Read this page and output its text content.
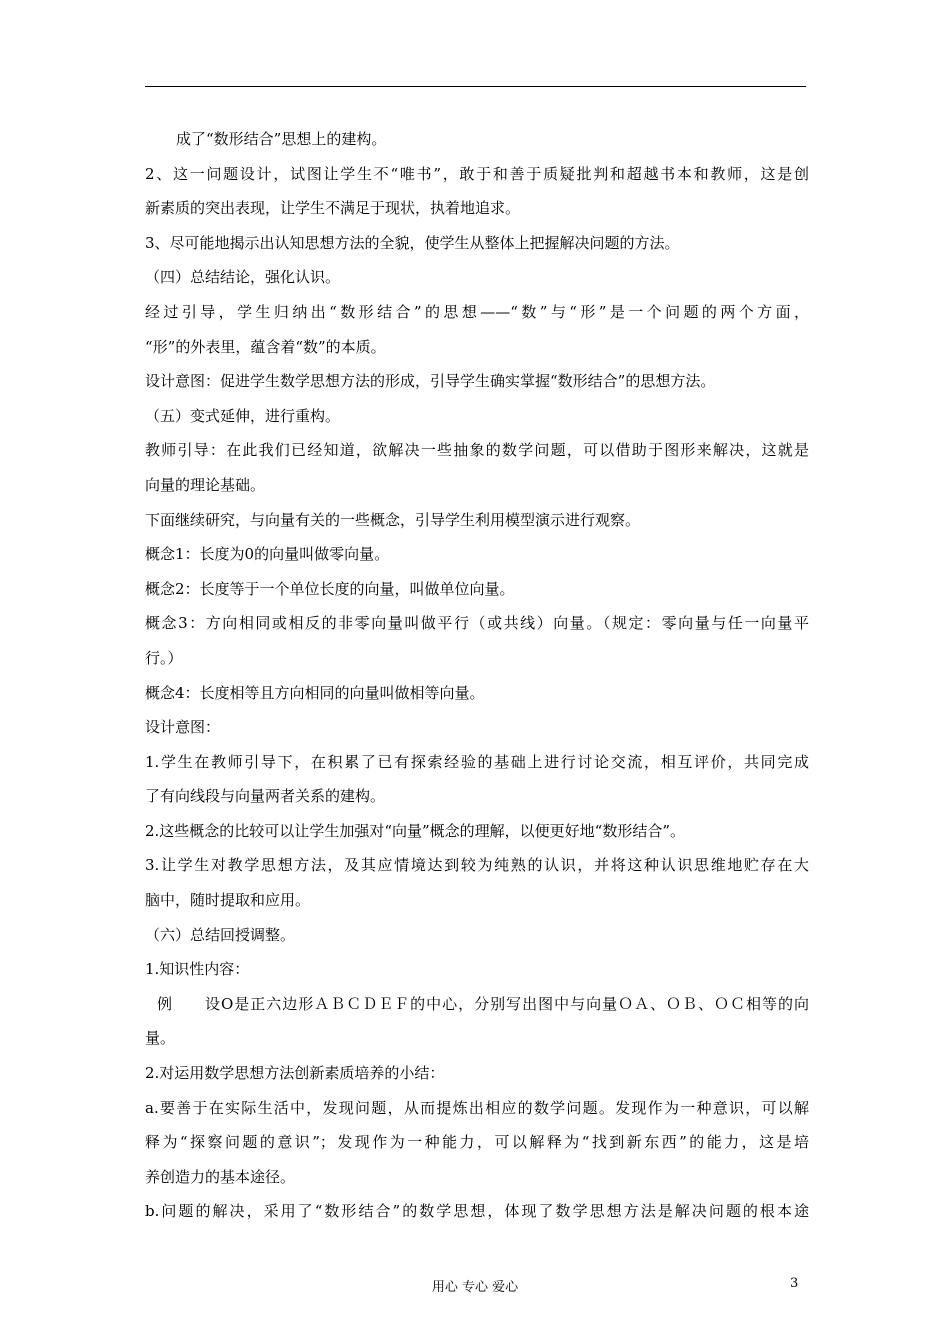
成了“数形结合”思想上的建构。
2、这一问题设计，试图让学生不“唯书”，敢于和善于质疑批判和超越书本和教师，这是创
新素质的突出表现，让学生不满足于现状，执着地追求。
3、尽可能地揭示出认知思想方法的全貌，使学生从整体上把握解决问题的方法。
（四）总结结论，强化认识。
经过引导，学生归纳出“数形结合”的思想——“数”与“形”是一个问题的两个方面，
“形”的外表里，蕴含着“数”的本质。
设计意图：促进学生数学思想方法的形成，引导学生确实掌握“数形结合”的思想方法。
（五）变式延伸，进行重构。
教师引导：在此我们已经知道，欲解决一些抽象的数学问题，可以借助于图形来解决，这就是
向量的理论基础。
下面继续研究，与向量有关的一些概念，引导学生利用模型演示进行观察。
概念1：长度为0的向量叫做零向量。
概念2：长度等于一个单位长度的向量，叫做单位向量。
概念3：方向相同或相反的非零向量叫做平行（或共线）向量。（规定：零向量与任一向量平
行。）
概念4：长度相等且方向相同的向量叫做相等向量。
设计意图：
1.学生在教师引导下，在积累了已有探索经验的基础上进行讨论交流，相互评价，共同完成
了有向线段与向量两者关系的建构。
2.这些概念的比较可以让学生加强对“向量”概念的理解，以便更好地“数形结合”。
3.让学生对教学思想方法，及其应情境达到较为纯熟的认识，并将这种认识思维地贮存在大
脑中，随时提取和应用。
（六）总结回授调整。
1.知识性内容：
例　　设O是正六边形ＡＢＣＤＥＦ的中心，分别写出图中与向量ＯＡ、ＯＢ、ＯＣ相等的向
量。
2.对运用数学思想方法创新素质培养的小结：
a.要善于在实际生活中，发现问题，从而提炼出相应的数学问题。发现作为一种意识，可以解
释为“探察问题的意识”；发现作为一种能力，可以解释为“找到新东西”的能力，这是培
养创造力的基本途径。
b.问题的解决，采用了“数形结合”的数学思想，体现了数学思想方法是解决问题的根本途
用心 专心 爱心	3
